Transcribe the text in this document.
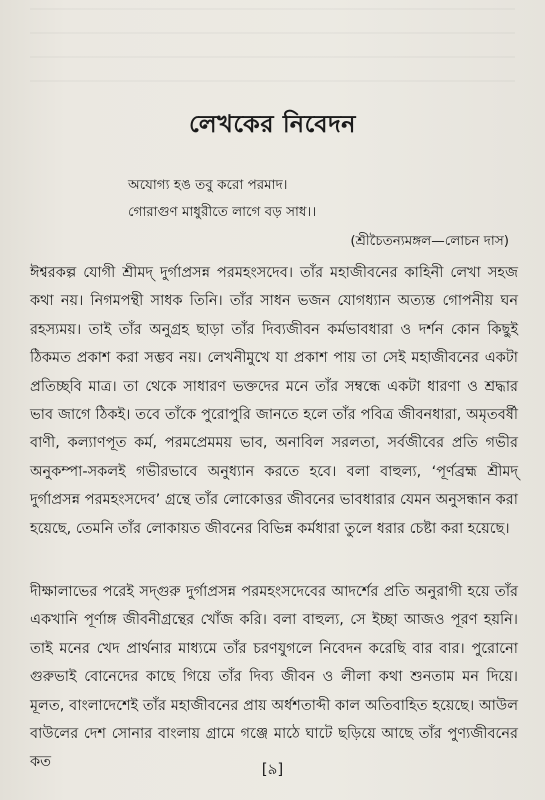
লেখকের নিবেদন
অযোগ্য হঙ তবু করো পরমাদ।
গোরাগুণ মাধুরীতে লাগে বড় সাধ।।
(শ্রীচৈতন্যমঙ্গল—লোচন দাস)

ঈশ্বরকল্প যোগী শ্রীমদ্ দুর্গাপ্রসন্ন পরমহংসদেব। তাঁর মহাজীবনের কাহিনী লেখা সহজ কথা নয়। নিগমপন্থী সাধক তিনি। তাঁর সাধন ভজন যোগধ্যান অত্যন্ত গোপনীয় ঘন রহস্যময়। তাই তাঁর অনুগ্রহ ছাড়া তাঁর দিব্যজীবন কর্মভাবধারা ও দর্শন কোন কিছুই ঠিকমত প্রকাশ করা সম্ভব নয়। লেখনীমুখে যা প্রকাশ পায় তা সেই মহাজীবনের একটা প্রতিচ্ছবি মাত্র। তা থেকে সাধারণ ভক্তদের মনে তাঁর সম্বন্ধে একটা ধারণা ও শ্রদ্ধার ভাব জাগে ঠিকই। তবে তাঁকে পুরোপুরি জানতে হলে তাঁর পবিত্র জীবনধারা, অমৃতবর্ষী বাণী, কল্যাণপূত কর্ম, পরমপ্রেমময় ভাব, অনাবিল সরলতা, সর্বজীবের প্রতি গভীর অনুকম্পা-সকলই গভীরভাবে অনুধ্যান করতে হবে। বলা বাহুল্য, ‘পূর্ণব্রহ্ম শ্রীমদ্ দুর্গাপ্রসন্ন পরমহংসদেব’ গ্রন্থে তাঁর লোকোত্তর জীবনের ভাবধারার যেমন অনুসন্ধান করা হয়েছে, তেমনি তাঁর লোকায়ত জীবনের বিভিন্ন কর্মধারা তুলে ধরার চেষ্টা করা হয়েছে।

দীক্ষালাভের পরেই সদ্‌গুরু দুর্গাপ্রসন্ন পরমহংসদেবের আদর্শের প্রতি অনুরাগী হয়ে তাঁর একখানি পূর্ণাঙ্গ জীবনীগ্রন্থের খোঁজ করি। বলা বাহুল্য, সে ইচ্ছা আজও পূরণ হয়নি। তাই মনের খেদ প্রার্থনার মাধ্যমে তাঁর চরণযুগলে নিবেদন করেছি বার বার। পুরোনো গুরুভাই বোনেদের কাছে গিয়ে তাঁর দিব্য জীবন ও লীলা কথা শুনতাম মন দিয়ে। মূলত, বাংলাদেশেই তাঁর মহাজীবনের প্রায় অর্ধশতাব্দী কাল অতিবাহিত হয়েছে। আউল বাউলের দেশ সোনার বাংলায় গ্রামে গঞ্জে মাঠে ঘাটে ছড়িয়ে আছে তাঁর পুণ্যজীবনের কত	[৯]
